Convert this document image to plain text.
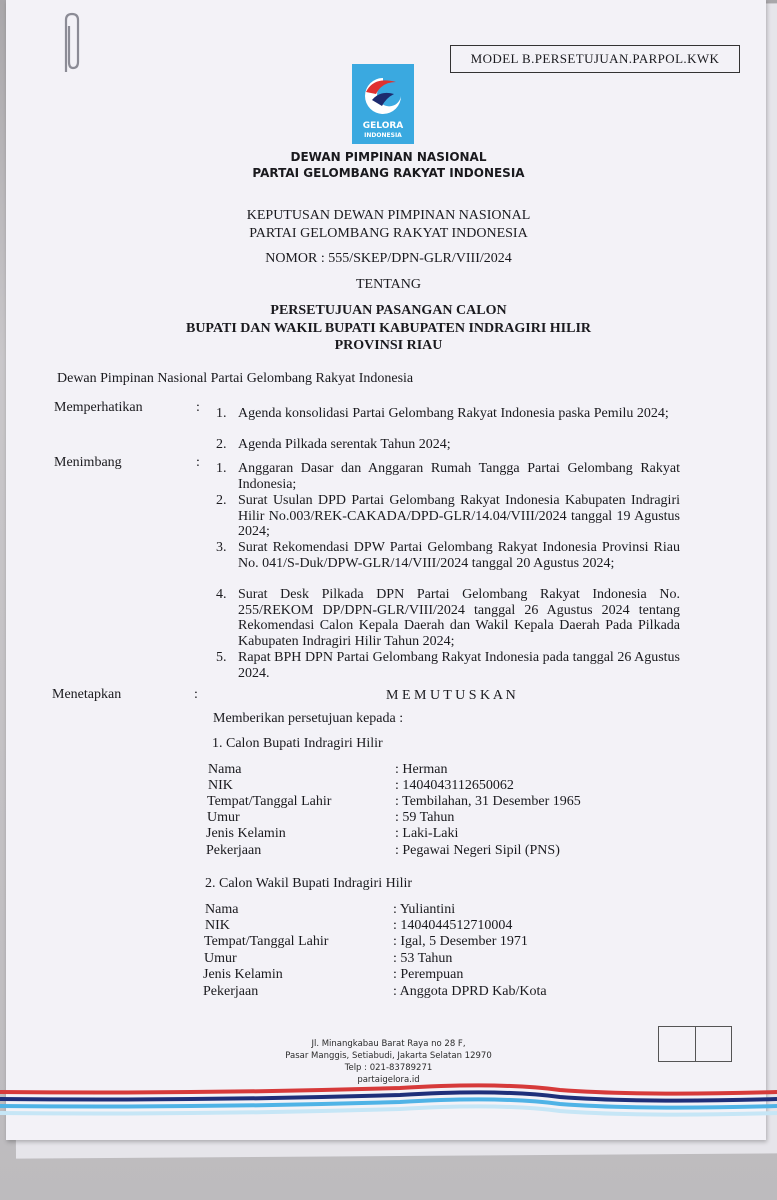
MODEL B.PERSETUJUAN.PARPOL.KWK
GELORA
INDONESIA
DEWAN PIMPINAN NASIONAL
PARTAI GELOMBANG RAKYAT INDONESIA
KEPUTUSAN DEWAN PIMPINAN NASIONAL
PARTAI GELOMBANG RAKYAT INDONESIA
NOMOR : 555/SKEP/DPN-GLR/VIII/2024
TENTANG
PERSETUJUAN PASANGAN CALON
BUPATI DAN WAKIL BUPATI KABUPATEN INDRAGIRI HILIR
PROVINSI RIAU
Dewan Pimpinan Nasional Partai Gelombang Rakyat Indonesia
Memperhatikan	: 1. Agenda konsolidasi Partai Gelombang Rakyat Indonesia paska Pemilu 2024;
2. Agenda Pilkada serentak Tahun 2024;
Menimbang	: 1. Anggaran Dasar dan Anggaran Rumah Tangga Partai Gelombang Rakyat Indonesia;
2. Surat Usulan DPD Partai Gelombang Rakyat Indonesia Kabupaten Indragiri Hilir No.003/REK-CAKADA/DPD-GLR/14.04/VIII/2024 tanggal 19 Agustus 2024;
3. Surat Rekomendasi DPW Partai Gelombang Rakyat Indonesia Provinsi Riau No. 041/S-Duk/DPW-GLR/14/VIII/2024 tanggal 20 Agustus 2024;
4. Surat Desk Pilkada DPN Partai Gelombang Rakyat Indonesia No. 255/REKOM DP/DPN-GLR/VIII/2024 tanggal 26 Agustus 2024 tentang Rekomendasi Calon Kepala Daerah dan Wakil Kepala Daerah Pada Pilkada Kabupaten Indragiri Hilir Tahun 2024;
5. Rapat BPH DPN Partai Gelombang Rakyat Indonesia pada tanggal 26 Agustus 2024.
Menetapkan	:	M E M U T U S K A N
Memberikan persetujuan kepada :
1. Calon Bupati Indragiri Hilir
Nama	: Herman
NIK	: 1404043112650062
Tempat/Tanggal Lahir	: Tembilahan, 31 Desember 1965
Umur	: 59 Tahun
Jenis Kelamin	: Laki-Laki
Pekerjaan	: Pegawai Negeri Sipil (PNS)
2. Calon Wakil Bupati Indragiri Hilir
Nama	: Yuliantini
NIK	: 1404044512710004
Tempat/Tanggal Lahir	: Igal, 5 Desember 1971
Umur	: 53 Tahun
Jenis Kelamin	: Perempuan
Pekerjaan	: Anggota DPRD Kab/Kota
Jl. Minangkabau Barat Raya no 28 F,
Pasar Manggis, Setiabudi, Jakarta Selatan 12970
Telp : 021-83789271
partaigelora.id
